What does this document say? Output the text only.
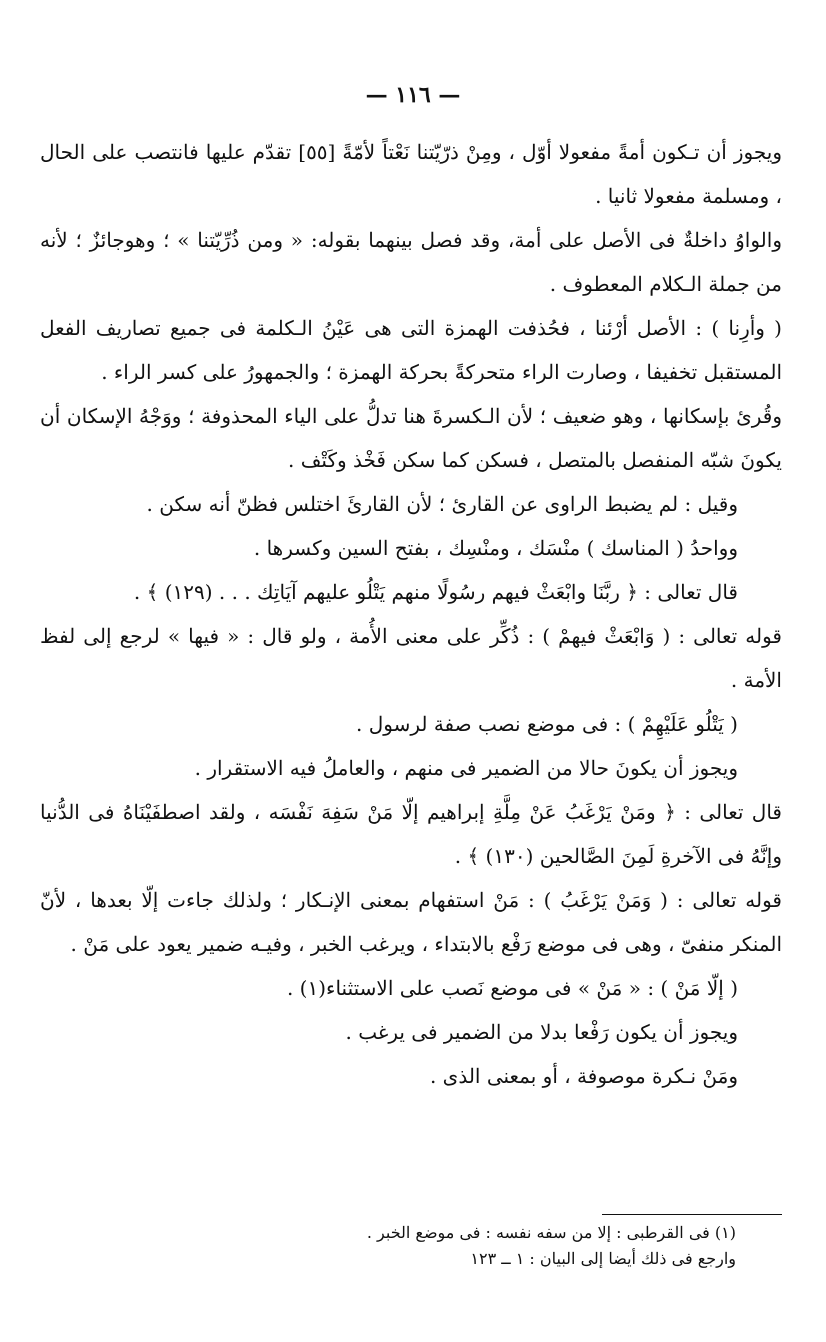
— ١١٦ —

ويجوز أن تـكون أمةً مفعولا أوّل ، ومِنْ ذرّيّتنا نَعْتاً لأمّةً [٥٥] تقدّم عليها فانتصب على الحال ، ومسلمة مفعولا ثانيا .

والواوُ داخلةٌ فى الأصل على أمة، وقد فصل بينهما بقوله: « ومن ذُرِّيّتنا » ؛ وهوجائزٌ ؛ لأنه من جملة الـكلام المعطوف .

( وأرِنا ) : الأصل أرْئنا ، فحُذفت الهمزة التى هى عَيْنُ الـكلمة فى جميع تصاريف الفعل المستقبل تخفيفا ، وصارت الراء متحركةً بحركة الهمزة ؛ والجمهورُ على كسر الراء .

وقُرئ بإسكانها ، وهو ضعيف ؛ لأن الـكسرةَ هنا تدلُّ على الياء المحذوفة ؛ ووَجْهُ الإسكان أن يكونَ شبّه المنفصل بالمتصل ، فسكن كما سكن فَخْذ وكَتْف .

وقيل : لم يضبط الراوى عن القارئ ؛ لأن القارئَ اختلس فظنّ أنه سكن .

وواحدُ ( المناسك ) منْسَك ، ومنْسِك ، بفتح السين وكسرها .

قال تعالى : ﴿ ربَّنَا وابْعَثْ فيهم رسُولًا منهم يَتْلُو عليهم آيَاتِك . . . (١٢٩) ﴾ .

قوله تعالى : ( وَابْعَثْ فيهمْ ) : ذُكِّر على معنى الأُمة ، ولو قال : « فيها » لرجع إلى لفظ الأمة .

( يَتْلُو عَلَيْهِمْ ) : فى موضع نصب صفة لرسول .

ويجوز أن يكونَ حالا من الضمير فى منهم ، والعاملُ فيه الاستقرار .

قال تعالى : ﴿ ومَنْ يَرْغَبُ عَنْ مِلَّةِ إبراهيم إلّا مَنْ سَفِهَ نَفْسَه ، ولقد اصطفَيْنَاهُ فى الدُّنيا وإنَّهُ فى الآخرةِ لَمِنَ الصَّالحين (١٣٠) ﴾ .

قوله تعالى : ( وَمَنْ يَرْغَبُ ) : مَنْ استفهام بمعنى الإنـكار ؛ ولذلك جاءت إلّا بعدها ، لأنّ المنكر منفىّ ، وهى فى موضع رَفْع بالابتداء ، ويرغب الخبر ، وفيـه ضمير يعود على مَنْ .

( إلّا مَنْ ) : « مَنْ » فى موضع نَصب على الاستثناء(١) .

ويجوز أن يكون رَفْعا بدلا من الضمير فى يرغب .

ومَنْ نـكرة موصوفة ، أو بمعنى الذى .

(١) فى القرطبى : إلا من سفه نفسه : فى موضع الخبر .

وارجع فى ذلك أيضا إلى البيان : ١ ــ ١٢٣
